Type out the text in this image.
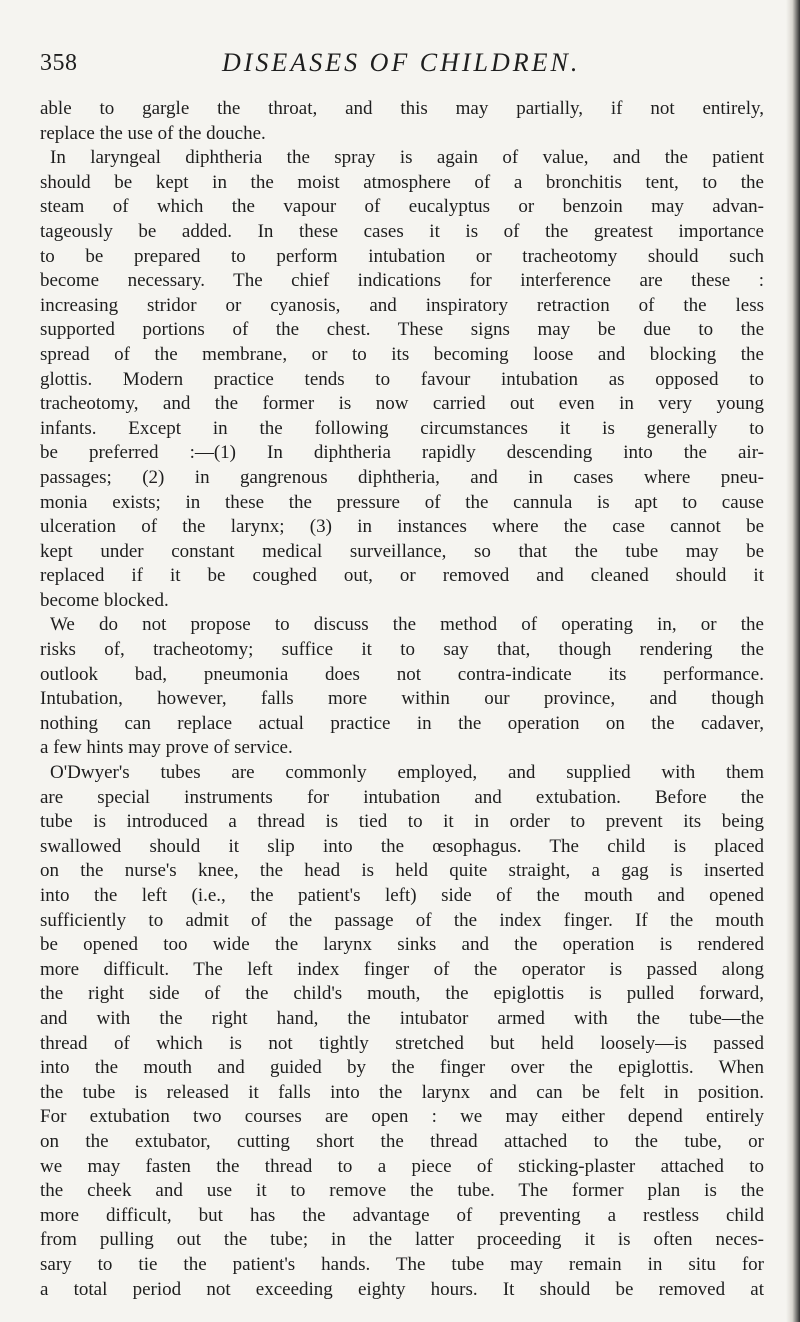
358	DISEASES OF CHILDREN.
able to gargle the throat, and this may partially, if not entirely,
replace the use of the douche.
In laryngeal diphtheria the spray is again of value, and the patient
should be kept in the moist atmosphere of a bronchitis tent, to the
steam of which the vapour of eucalyptus or benzoin may advan-
tageously be added. In these cases it is of the greatest importance
to be prepared to perform intubation or tracheotomy should such
become necessary. The chief indications for interference are these :
increasing stridor or cyanosis, and inspiratory retraction of the less
supported portions of the chest. These signs may be due to the
spread of the membrane, or to its becoming loose and blocking the
glottis. Modern practice tends to favour intubation as opposed to
tracheotomy, and the former is now carried out even in very young
infants. Except in the following circumstances it is generally to
be preferred :—(1) In diphtheria rapidly descending into the air-
passages; (2) in gangrenous diphtheria, and in cases where pneu-
monia exists; in these the pressure of the cannula is apt to cause
ulceration of the larynx; (3) in instances where the case cannot be
kept under constant medical surveillance, so that the tube may be
replaced if it be coughed out, or removed and cleaned should it
become blocked.
We do not propose to discuss the method of operating in, or the
risks of, tracheotomy; suffice it to say that, though rendering the
outlook bad, pneumonia does not contra-indicate its performance.
Intubation, however, falls more within our province, and though
nothing can replace actual practice in the operation on the cadaver,
a few hints may prove of service.
O'Dwyer's tubes are commonly employed, and supplied with them
are special instruments for intubation and extubation. Before the
tube is introduced a thread is tied to it in order to prevent its being
swallowed should it slip into the œsophagus. The child is placed
on the nurse's knee, the head is held quite straight, a gag is inserted
into the left (i.e., the patient's left) side of the mouth and opened
sufficiently to admit of the passage of the index finger. If the mouth
be opened too wide the larynx sinks and the operation is rendered
more difficult. The left index finger of the operator is passed along
the right side of the child's mouth, the epiglottis is pulled forward,
and with the right hand, the intubator armed with the tube—the
thread of which is not tightly stretched but held loosely—is passed
into the mouth and guided by the finger over the epiglottis. When
the tube is released it falls into the larynx and can be felt in position.
For extubation two courses are open : we may either depend entirely
on the extubator, cutting short the thread attached to the tube, or
we may fasten the thread to a piece of sticking-plaster attached to
the cheek and use it to remove the tube. The former plan is the
more difficult, but has the advantage of preventing a restless child
from pulling out the tube; in the latter proceeding it is often neces-
sary to tie the patient's hands. The tube may remain in situ for
a total period not exceeding eighty hours. It should be removed at
